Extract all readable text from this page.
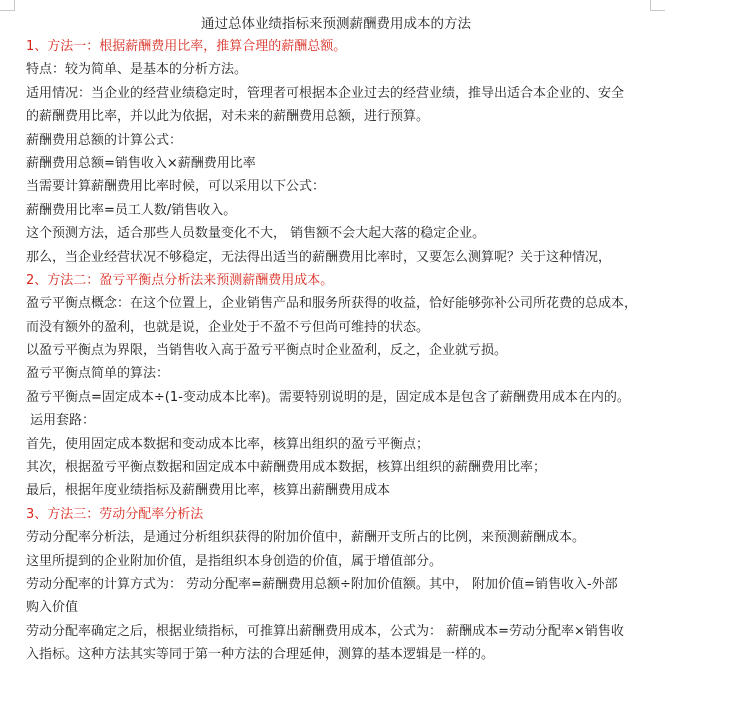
通过总体业绩指标来预测薪酬费用成本的方法

1、方法一：根据薪酬费用比率，推算合理的薪酬总额。

特点：较为简单、是基本的分析方法。

适用情况：当企业的经营业绩稳定时，管理者可根据本企业过去的经营业绩，推导出适合本企业的、安全

的薪酬费用比率，并以此为依据，对未来的薪酬费用总额，进行预算。

薪酬费用总额的计算公式：

薪酬费用总额=销售收入×薪酬费用比率

当需要计算薪酬费用比率时候，可以采用以下公式：

薪酬费用比率=员工人数/销售收入。

这个预测方法，适合那些人员数量变化不大， 销售额不会大起大落的稳定企业。

那么，当企业经营状况不够稳定，无法得出适当的薪酬费用比率时，又要怎么测算呢？关于这种情况，

2、方法二：盈亏平衡点分析法来预测薪酬费用成本。

盈亏平衡点概念：在这个位置上，企业销售产品和服务所获得的收益，恰好能够弥补公司所花费的总成本，

而没有额外的盈利，也就是说，企业处于不盈不亏但尚可维持的状态。

以盈亏平衡点为界限，当销售收入高于盈亏平衡点时企业盈利，反之，企业就亏损。

盈亏平衡点简单的算法：

盈亏平衡点=固定成本÷(1-变动成本比率)。需要特别说明的是，固定成本是包含了薪酬费用成本在内的。

运用套路：

首先，使用固定成本数据和变动成本比率，核算出组织的盈亏平衡点；

其次，根据盈亏平衡点数据和固定成本中薪酬费用成本数据，核算出组织的薪酬费用比率；

最后，根据年度业绩指标及薪酬费用比率，核算出薪酬费用成本

3、方法三：劳动分配率分析法

劳动分配率分析法，是通过分析组织获得的附加价值中，薪酬开支所占的比例，来预测薪酬成本。

这里所提到的企业附加价值，是指组织本身创造的价值，属于增值部分。

劳动分配率的计算方式为： 劳动分配率=薪酬费用总额÷附加价值额。其中， 附加价值=销售收入-外部

购入价值

劳动分配率确定之后，根据业绩指标，可推算出薪酬费用成本，公式为： 薪酬成本=劳动分配率×销售收

入指标。这种方法其实等同于第一种方法的合理延伸，测算的基本逻辑是一样的。
